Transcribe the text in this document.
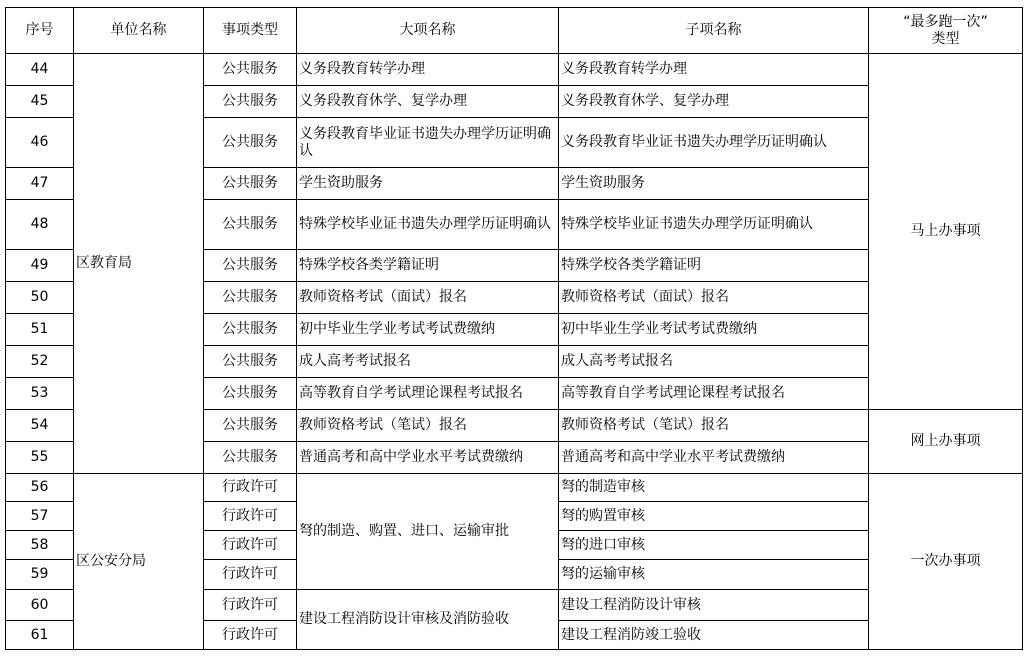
序号	单位名称	事项类型	大项名称	子项名称	“最多跑一次”
类型
44	区教育局	公共服务	义务段教育转学办理	义务段教育转学办理	马上办事项
45		公共服务	义务段教育休学、复学办理	义务段教育休学、复学办理	
46		公共服务	义务段教育毕业证书遗失办理学历证明确认	义务段教育毕业证书遗失办理学历证明确认	
47		公共服务	学生资助服务	学生资助服务	
48		公共服务	特殊学校毕业证书遗失办理学历证明确认	特殊学校毕业证书遗失办理学历证明确认	
49		公共服务	特殊学校各类学籍证明	特殊学校各类学籍证明	
50		公共服务	教师资格考试（面试）报名	教师资格考试（面试）报名	
51		公共服务	初中毕业生学业考试考试费缴纳	初中毕业生学业考试考试费缴纳	
52		公共服务	成人高考考试报名	成人高考考试报名	
53		公共服务	高等教育自学考试理论课程考试报名	高等教育自学考试理论课程考试报名	
54		公共服务	教师资格考试（笔试）报名	教师资格考试（笔试）报名	网上办事项
55		公共服务	普通高考和高中学业水平考试费缴纳	普通高考和高中学业水平考试费缴纳	
56	区公安分局	行政许可	弩的制造、购置、进口、运输审批	弩的制造审核	一次办事项
57		行政许可		弩的购置审核	
58		行政许可		弩的进口审核	
59		行政许可		弩的运输审核	
60		行政许可	建设工程消防设计审核及消防验收	建设工程消防设计审核	
61		行政许可		建设工程消防竣工验收	
